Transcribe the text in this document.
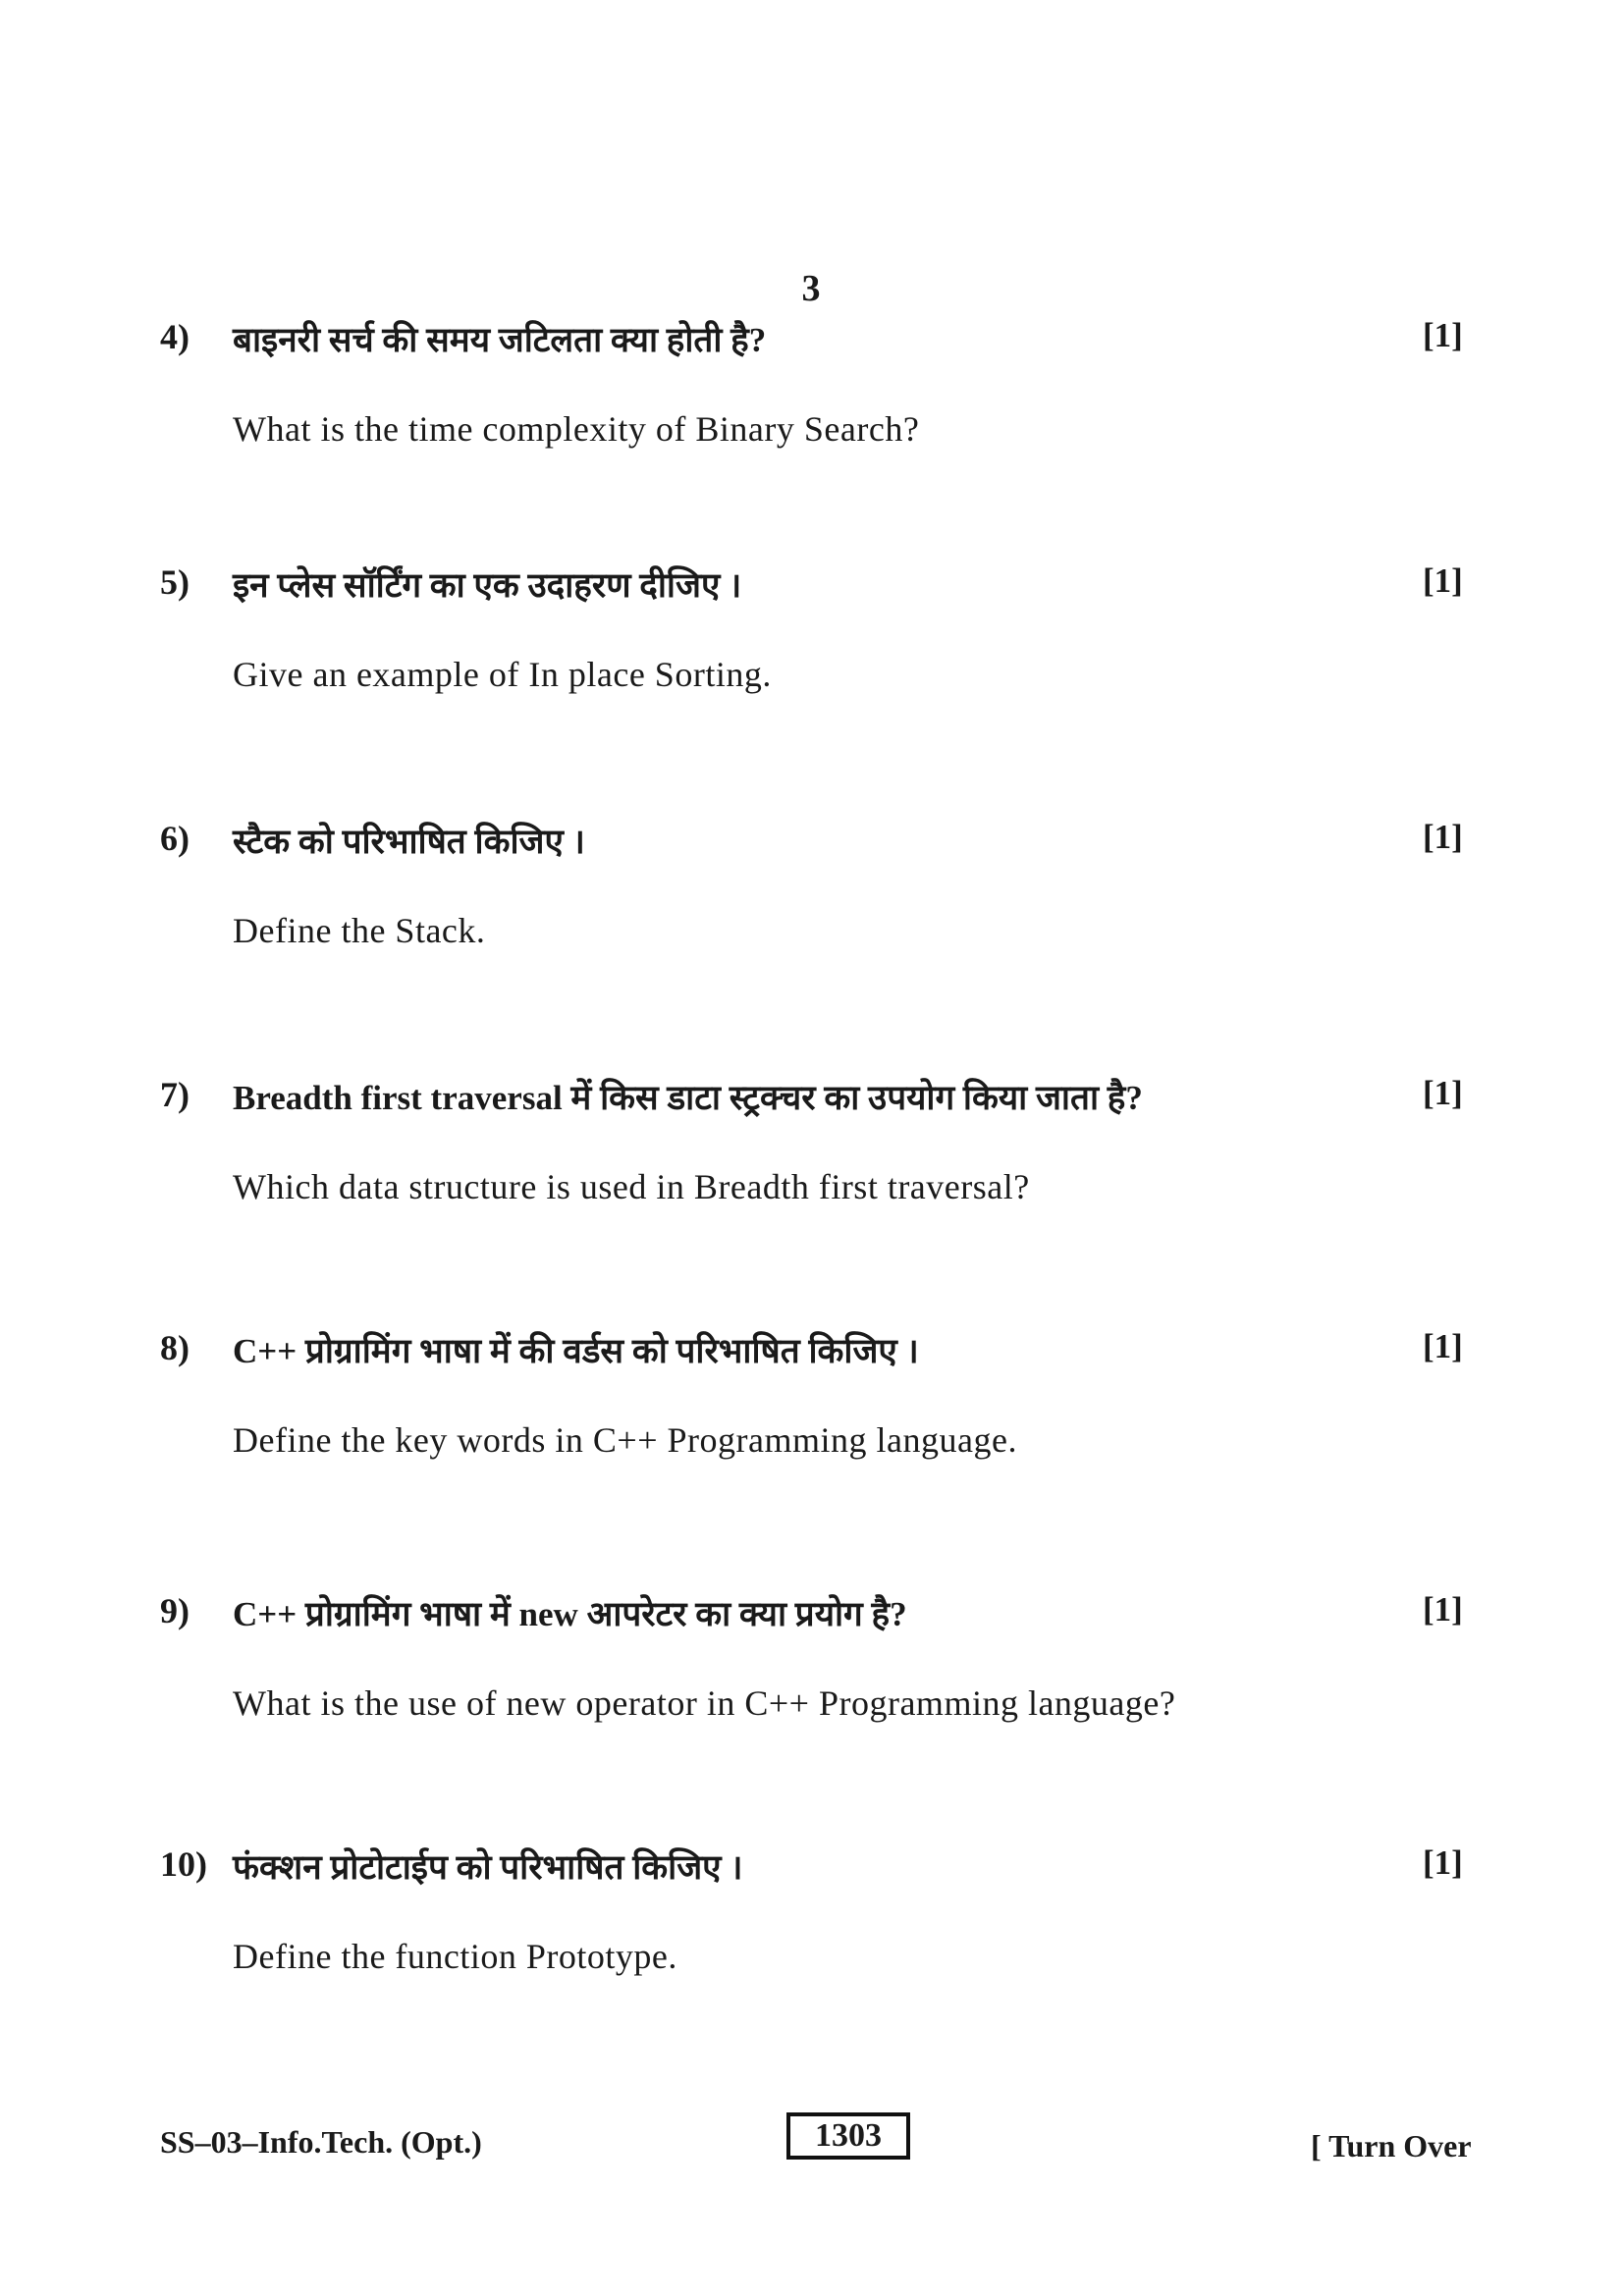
3
4) बाइनरी सर्च की समय जटिलता क्या होती है?	[1]
What is the time complexity of Binary Search?
5) इन प्लेस सॉर्टिंग का एक उदाहरण दीजिए ।	[1]
Give an example of In place Sorting.
6) स्टैक को परिभाषित किजिए ।	[1]
Define the Stack.
7) Breadth first traversal में किस डाटा स्ट्रक्चर का उपयोग किया जाता है?	[1]
Which data structure is used in Breadth first traversal?
8) C++ प्रोग्रामिंग भाषा में की वर्डस को परिभाषित किजिए ।	[1]
Define the key words in C++ Programming language.
9) C++ प्रोग्रामिंग भाषा में new आपरेटर का क्या प्रयोग है?	[1]
What is the use of new operator in C++ Programming language?
10) फंक्शन प्रोटोटाईप को परिभाषित किजिए ।	[1]
Define the function Prototype.
SS–03–Info.Tech. (Opt.)	1303	[ Turn Over
